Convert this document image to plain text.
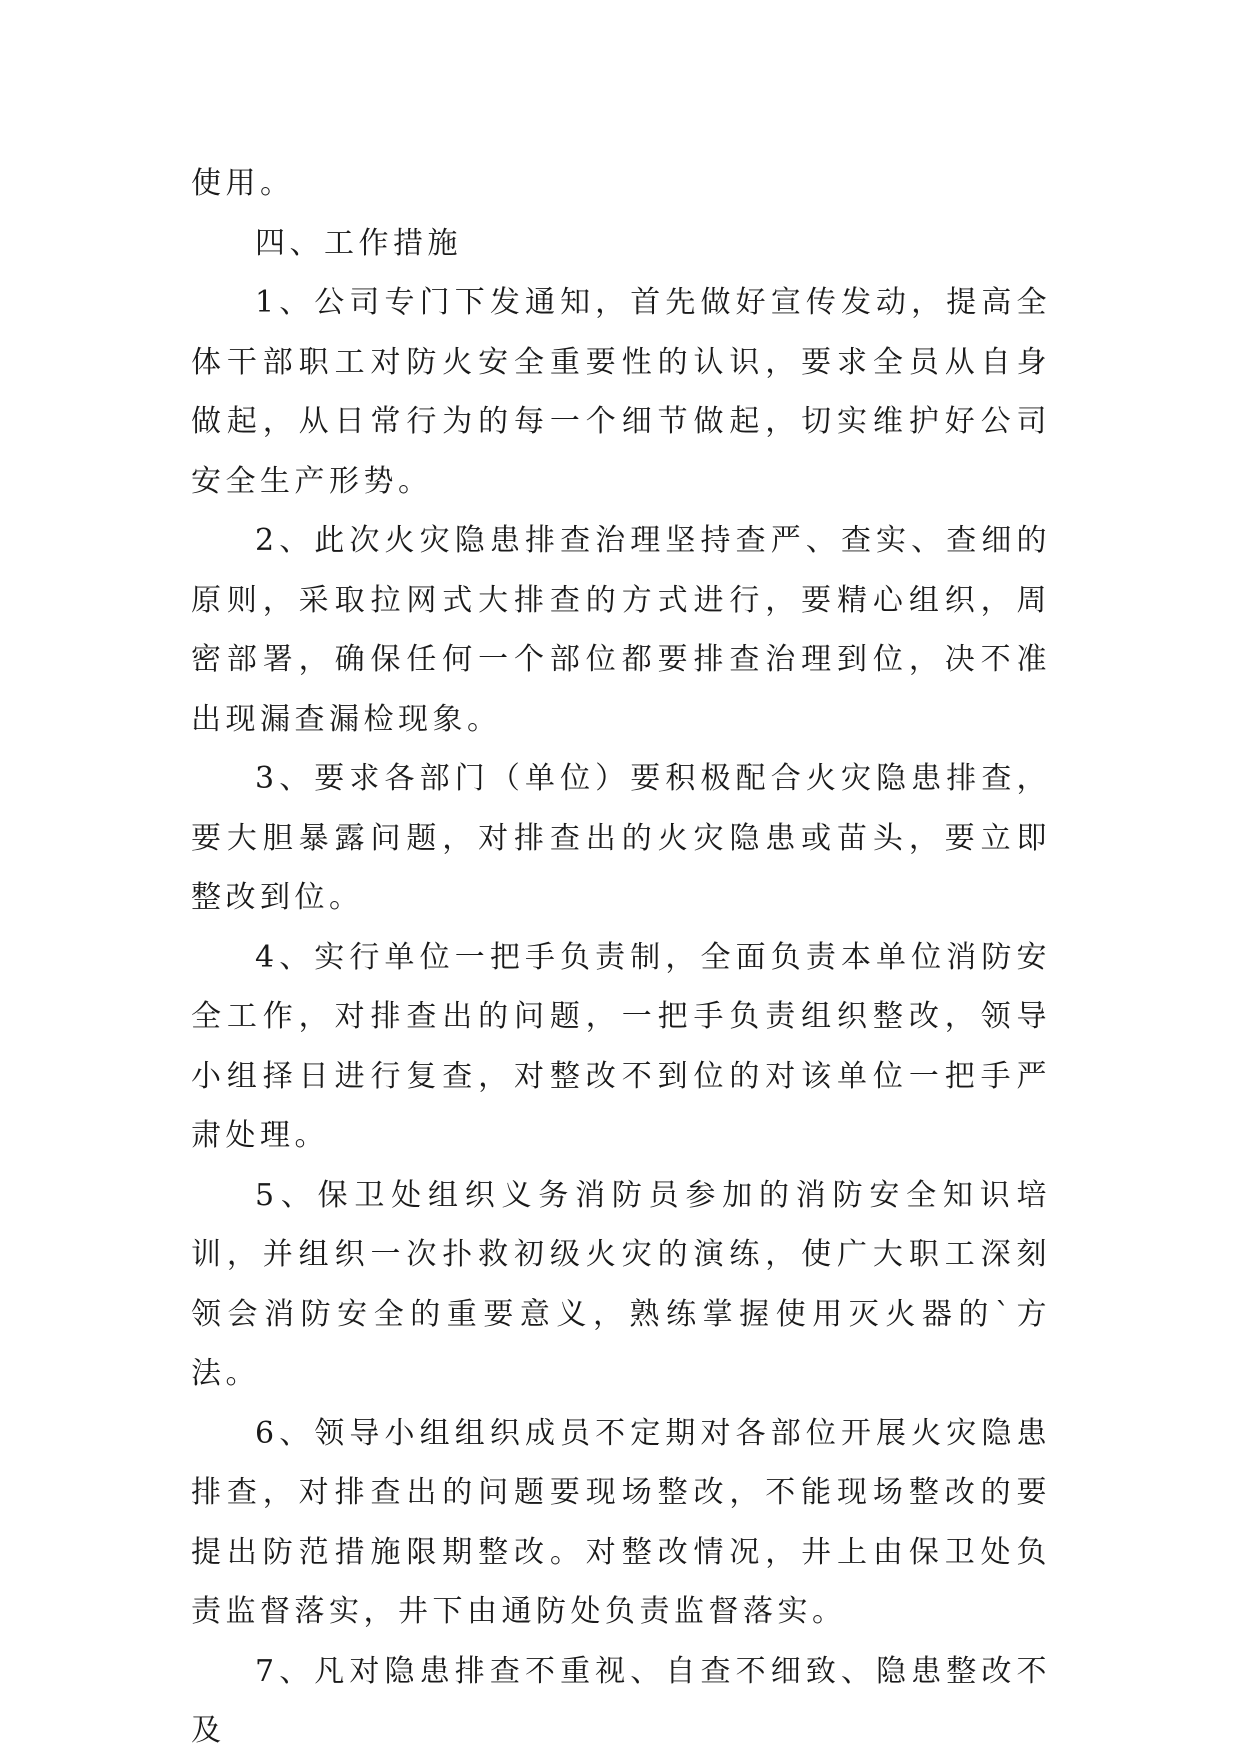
使用。

四、工作措施

1、公司专门下发通知，首先做好宣传发动，提高全体干部职工对防火安全重要性的认识，要求全员从自身做起，从日常行为的每一个细节做起，切实维护好公司安全生产形势。

2、此次火灾隐患排查治理坚持查严、查实、查细的原则，采取拉网式大排查的方式进行，要精心组织，周密部署，确保任何一个部位都要排查治理到位，决不准出现漏查漏检现象。

3、要求各部门（单位）要积极配合火灾隐患排查，要大胆暴露问题，对排查出的火灾隐患或苗头，要立即整改到位。

4、实行单位一把手负责制，全面负责本单位消防安全工作，对排查出的问题，一把手负责组织整改，领导小组择日进行复查，对整改不到位的对该单位一把手严肃处理。

5、保卫处组织义务消防员参加的消防安全知识培训，并组织一次扑救初级火灾的演练，使广大职工深刻领会消防安全的重要意义，熟练掌握使用灭火器的`方法。

6、领导小组组织成员不定期对各部位开展火灾隐患排查，对排查出的问题要现场整改，不能现场整改的要提出防范措施限期整改。对整改情况，井上由保卫处负责监督落实，井下由通防处负责监督落实。

7、凡对隐患排查不重视、自查不细致、隐患整改不及
